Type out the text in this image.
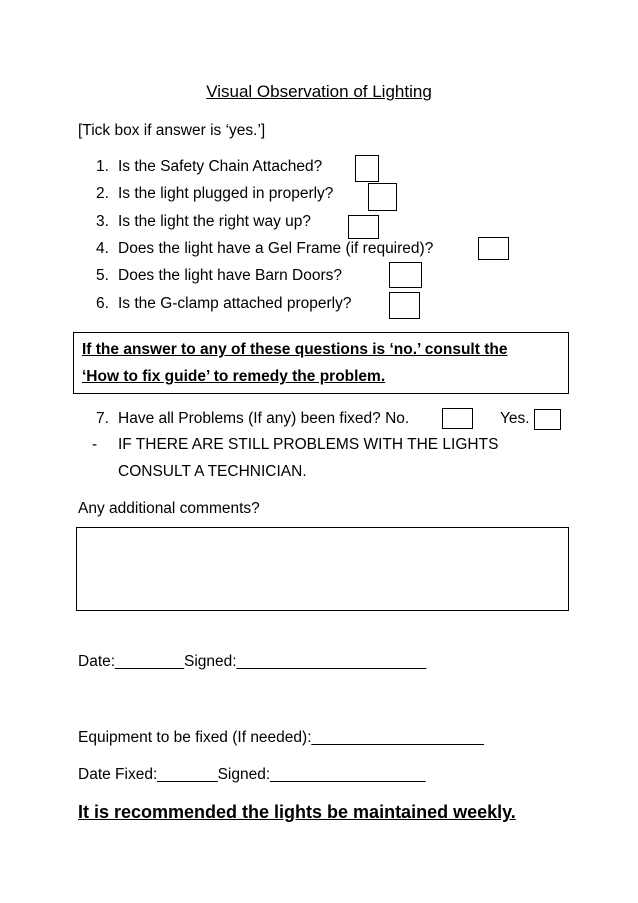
Visual Observation of Lighting
[Tick box if answer is ‘yes.’]
1. Is the Safety Chain Attached?
2. Is the light plugged in properly?
3. Is the light the right way up?
4. Does the light have a Gel Frame (if required)?
5. Does the light have Barn Doors?
6. Is the G-clamp attached properly?
If the answer to any of these questions is ‘no.’ consult the
‘How to fix guide’ to remedy the problem.
7. Have all Problems (If any) been fixed? No.	Yes.
- IF THERE ARE STILL PROBLEMS WITH THE LIGHTS
CONSULT A TECHNICIAN.
Any additional comments?
Date:________Signed:______________________
Equipment to be fixed (If needed):____________________
Date Fixed:_______Signed:__________________
It is recommended the lights be maintained weekly.
